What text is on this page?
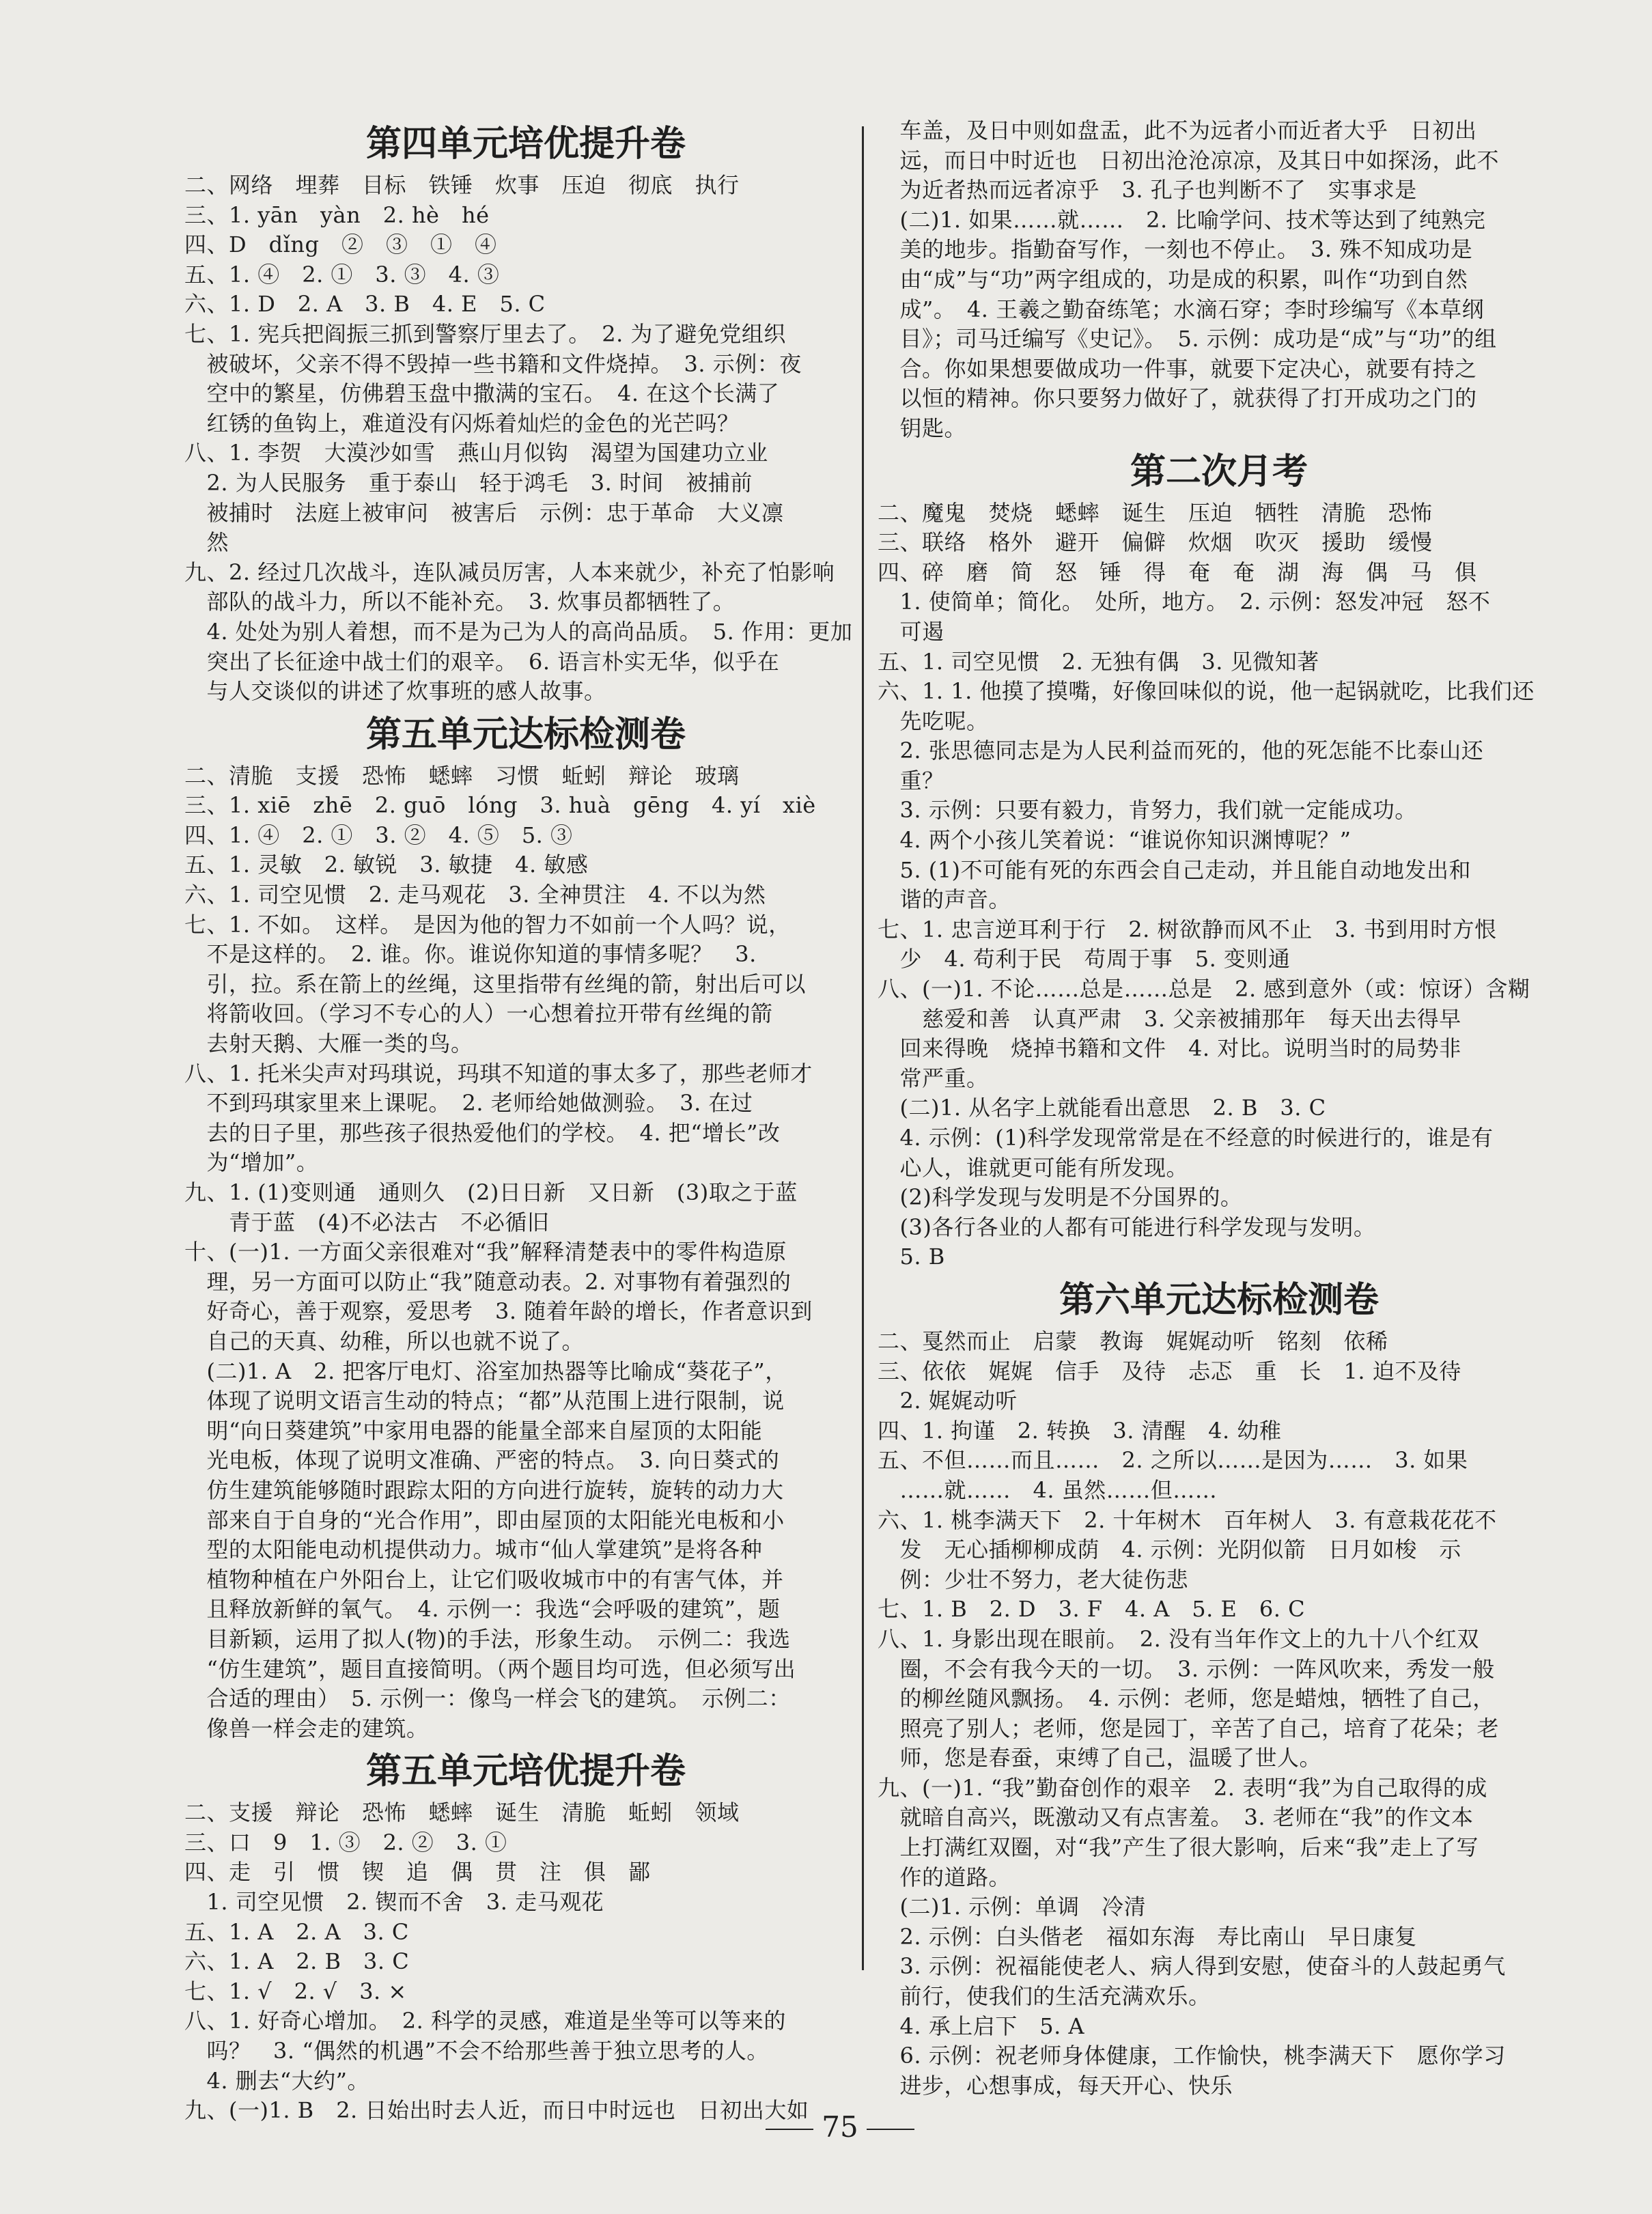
第四单元培优提升卷
二、网络　埋葬　目标　铁锤　炊事　压迫　彻底　执行
三、1. yān　yàn　2. hè　hé
四、D　dǐng　②　③　①　④
五、1. ④　2. ①　3. ③　4. ③
六、1. D　2. A　3. B　4. E　5. C
七、1. 宪兵把阎振三抓到警察厅里去了。　2. 为了避免党组织
　被破坏，父亲不得不毁掉一些书籍和文件烧掉。　3. 示例：夜
　空中的繁星，仿佛碧玉盘中撒满的宝石。　4. 在这个长满了
　红锈的鱼钩上，难道没有闪烁着灿烂的金色的光芒吗？
八、1. 李贺　大漠沙如雪　燕山月似钩　渴望为国建功立业
　2. 为人民服务　重于泰山　轻于鸿毛　3. 时间　被捕前
　被捕时　法庭上被审问　被害后　示例：忠于革命　大义凛
　然
九、2. 经过几次战斗，连队减员厉害，人本来就少，补充了怕影响
　部队的战斗力，所以不能补充。　3. 炊事员都牺牲了。
　4. 处处为别人着想，而不是为己为人的高尚品质。　5. 作用：更加
　突出了长征途中战士们的艰辛。　6. 语言朴实无华，似乎在
　与人交谈似的讲述了炊事班的感人故事。
第五单元达标检测卷
二、清脆　支援　恐怖　蟋蟀　习惯　蚯蚓　辩论　玻璃
三、1. xiē　zhē　2. guō　lóng　3. huà　gēng　4. yí　xiè
四、1. ④　2. ①　3. ②　4. ⑤　5. ③
五、1. 灵敏　2. 敏锐　3. 敏捷　4. 敏感
六、1. 司空见惯　2. 走马观花　3. 全神贯注　4. 不以为然
七、1. 不如。　这样。　是因为他的智力不如前一个人吗？说，
　不是这样的。　2. 谁。你。谁说你知道的事情多呢？　3.
　引，拉。系在箭上的丝绳，这里指带有丝绳的箭，射出后可以
　将箭收回。（学习不专心的人）一心想着拉开带有丝绳的箭
　去射天鹅、大雁一类的鸟。
八、1. 托米尖声对玛琪说，玛琪不知道的事太多了，那些老师才
　不到玛琪家里来上课呢。　2. 老师给她做测验。　3. 在过
　去的日子里，那些孩子很热爱他们的学校。　4. 把“增长”改
　为“增加”。
九、1. (1)变则通　通则久　(2)日日新　又日新　(3)取之于蓝
　　青于蓝　(4)不必法古　不必循旧
十、(一)1. 一方面父亲很难对“我”解释清楚表中的零件构造原
　理，另一方面可以防止“我”随意动表。2. 对事物有着强烈的
　好奇心，善于观察，爱思考　3. 随着年龄的增长，作者意识到
　自己的天真、幼稚，所以也就不说了。
　(二)1. A　2. 把客厅电灯、浴室加热器等比喻成“葵花子”，
　体现了说明文语言生动的特点；“都”从范围上进行限制，说
　明“向日葵建筑”中家用电器的能量全部来自屋顶的太阳能
　光电板，体现了说明文准确、严密的特点。　3. 向日葵式的
　仿生建筑能够随时跟踪太阳的方向进行旋转，旋转的动力大
　部来自于自身的“光合作用”，即由屋顶的太阳能光电板和小
　型的太阳能电动机提供动力。城市“仙人掌建筑”是将各种
　植物种植在户外阳台上，让它们吸收城市中的有害气体，并
　且释放新鲜的氧气。　4. 示例一：我选“会呼吸的建筑”，题
　目新颖，运用了拟人(物)的手法，形象生动。　示例二：我选
　“仿生建筑”，题目直接简明。（两个题目均可选，但必须写出
　合适的理由）　5. 示例一：像鸟一样会飞的建筑。　示例二：
　像兽一样会走的建筑。
第五单元培优提升卷
二、支援　辩论　恐怖　蟋蟀　诞生　清脆　蚯蚓　领域
三、口　9　1. ③　2. ②　3. ①
四、走　引　惯　锲　追　偶　贯　注　俱　鄙
　1. 司空见惯　2. 锲而不舍　3. 走马观花
五、1. A　2. A　3. C
六、1. A　2. B　3. C
七、1. √　2. √　3. ×
八、1. 好奇心增加。　2. 科学的灵感，难道是坐等可以等来的
　吗？　3. “偶然的机遇”不会不给那些善于独立思考的人。
　4. 删去“大约”。
九、(一)1. B　2. 日始出时去人近，而日中时远也　日初出大如
　车盖，及日中则如盘盂，此不为远者小而近者大乎　日初出
　远，而日中时近也　日初出沧沧凉凉，及其日中如探汤，此不
　为近者热而远者凉乎　3. 孔子也判断不了　实事求是
　(二)1. 如果……就……　2. 比喻学问、技术等达到了纯熟完
　美的地步。指勤奋写作，一刻也不停止。　3. 殊不知成功是
　由“成”与“功”两字组成的，功是成的积累，叫作“功到自然
　成”。　4. 王羲之勤奋练笔；水滴石穿；李时珍编写《本草纲
　目》；司马迁编写《史记》。　5. 示例：成功是“成”与“功”的组
　合。你如果想要做成功一件事，就要下定决心，就要有持之
　以恒的精神。你只要努力做好了，就获得了打开成功之门的
　钥匙。
第二次月考
二、魔鬼　焚烧　蟋蟀　诞生　压迫　牺牲　清脆　恐怖
三、联络　格外　避开　偏僻　炊烟　吹灭　援助　缓慢
四、碎　磨　简　怒　锤　得　奄　奄　湖　海　偶　马　俱
　1. 使简单；简化。　处所，地方。　2. 示例：怒发冲冠　怒不
　可遏
五、1. 司空见惯　2. 无独有偶　3. 见微知著
六、1. 1. 他摸了摸嘴，好像回味似的说，他一起锅就吃，比我们还
　先吃呢。
　2. 张思德同志是为人民利益而死的，他的死怎能不比泰山还
　重？
　3. 示例：只要有毅力，肯努力，我们就一定能成功。
　4. 两个小孩儿笑着说：“谁说你知识渊博呢？”
　5. (1)不可能有死的东西会自己走动，并且能自动地发出和
　谐的声音。
七、1. 忠言逆耳利于行　2. 树欲静而风不止　3. 书到用时方恨
　少　4. 苟利于民　苟周于事　5. 变则通
八、(一)1. 不论……总是……总是　2. 感到意外（或：惊讶）含糊
　　慈爱和善　认真严肃　3. 父亲被捕那年　每天出去得早
　回来得晚　烧掉书籍和文件　4. 对比。说明当时的局势非
　常严重。
　(二)1. 从名字上就能看出意思　2. B　3. C
　4. 示例：(1)科学发现常常是在不经意的时候进行的，谁是有
　心人，谁就更可能有所发现。
　(2)科学发现与发明是不分国界的。
　(3)各行各业的人都有可能进行科学发现与发明。
　5. B
第六单元达标检测卷
二、戛然而止　启蒙　教诲　娓娓动听　铭刻　依稀
三、依依　娓娓　信手　及待　忐忑　重　长　1. 迫不及待
　2. 娓娓动听
四、1. 拘谨　2. 转换　3. 清醒　4. 幼稚
五、不但……而且……　2. 之所以……是因为……　3. 如果
　……就……　4. 虽然……但……
六、1. 桃李满天下　2. 十年树木　百年树人　3. 有意栽花花不
　发　无心插柳柳成荫　4. 示例：光阴似箭　日月如梭　示
　例：少壮不努力，老大徒伤悲
七、1. B　2. D　3. F　4. A　5. E　6. C
八、1. 身影出现在眼前。　2. 没有当年作文上的九十八个红双
　圈，不会有我今天的一切。　3. 示例：一阵风吹来，秀发一般
　的柳丝随风飘扬。　4. 示例：老师，您是蜡烛，牺牲了自己，
　照亮了别人；老师，您是园丁，辛苦了自己，培育了花朵；老
　师，您是春蚕，束缚了自己，温暖了世人。
九、(一)1. “我”勤奋创作的艰辛　2. 表明“我”为自己取得的成
　就暗自高兴，既激动又有点害羞。　3. 老师在“我”的作文本
　上打满红双圈，对“我”产生了很大影响，后来“我”走上了写
　作的道路。
　(二)1. 示例：单调　冷清
　2. 示例：白头偕老　福如东海　寿比南山　早日康复
　3. 示例：祝福能使老人、病人得到安慰，使奋斗的人鼓起勇气
　前行，使我们的生活充满欢乐。
　4. 承上启下　5. A
　6. 示例：祝老师身体健康，工作愉快，桃李满天下　愿你学习
　进步，心想事成，每天开心、快乐
75
